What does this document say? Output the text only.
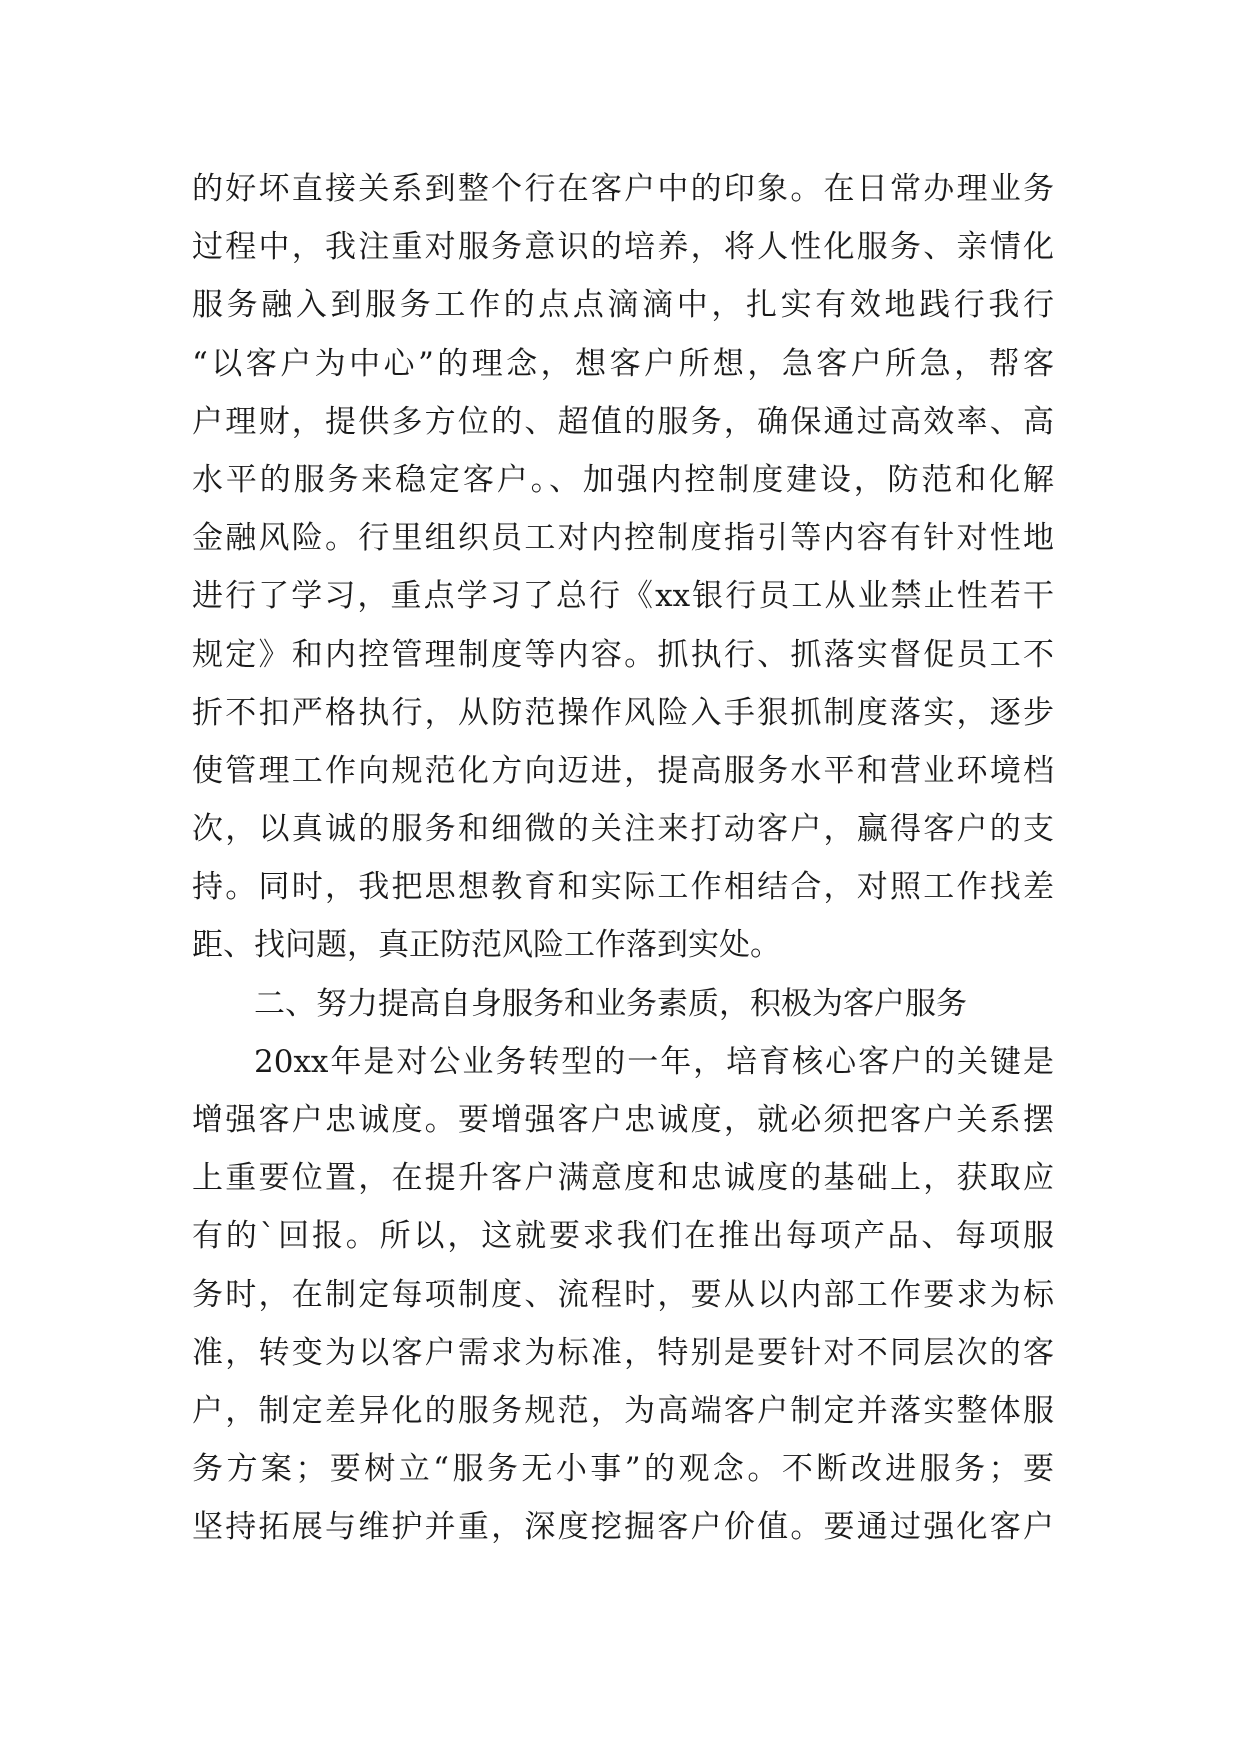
的好坏直接关系到整个行在客户中的印象。在日常办理业务
过程中，我注重对服务意识的培养，将人性化服务、亲情化
服务融入到服务工作的点点滴滴中，扎实有效地践行我行
“以客户为中心”的理念，想客户所想，急客户所急，帮客
户理财，提供多方位的、超值的服务，确保通过高效率、高
水平的服务来稳定客户。、加强内控制度建设，防范和化解
金融风险。行里组织员工对内控制度指引等内容有针对性地
进行了学习，重点学习了总行《xx银行员工从业禁止性若干
规定》和内控管理制度等内容。抓执行、抓落实督促员工不
折不扣严格执行，从防范操作风险入手狠抓制度落实，逐步
使管理工作向规范化方向迈进，提高服务水平和营业环境档
次，以真诚的服务和细微的关注来打动客户，赢得客户的支
持。同时，我把思想教育和实际工作相结合，对照工作找差
距、找问题，真正防范风险工作落到实处。
二、努力提高自身服务和业务素质，积极为客户服务
20xx年是对公业务转型的一年，培育核心客户的关键是
增强客户忠诚度。要增强客户忠诚度，就必须把客户关系摆
上重要位置，在提升客户满意度和忠诚度的基础上，获取应
有的`回报。所以，这就要求我们在推出每项产品、每项服
务时，在制定每项制度、流程时，要从以内部工作要求为标
准，转变为以客户需求为标准，特别是要针对不同层次的客
户，制定差异化的服务规范，为高端客户制定并落实整体服
务方案；要树立“服务无小事”的观念。不断改进服务；要
坚持拓展与维护并重，深度挖掘客户价值。要通过强化客户
